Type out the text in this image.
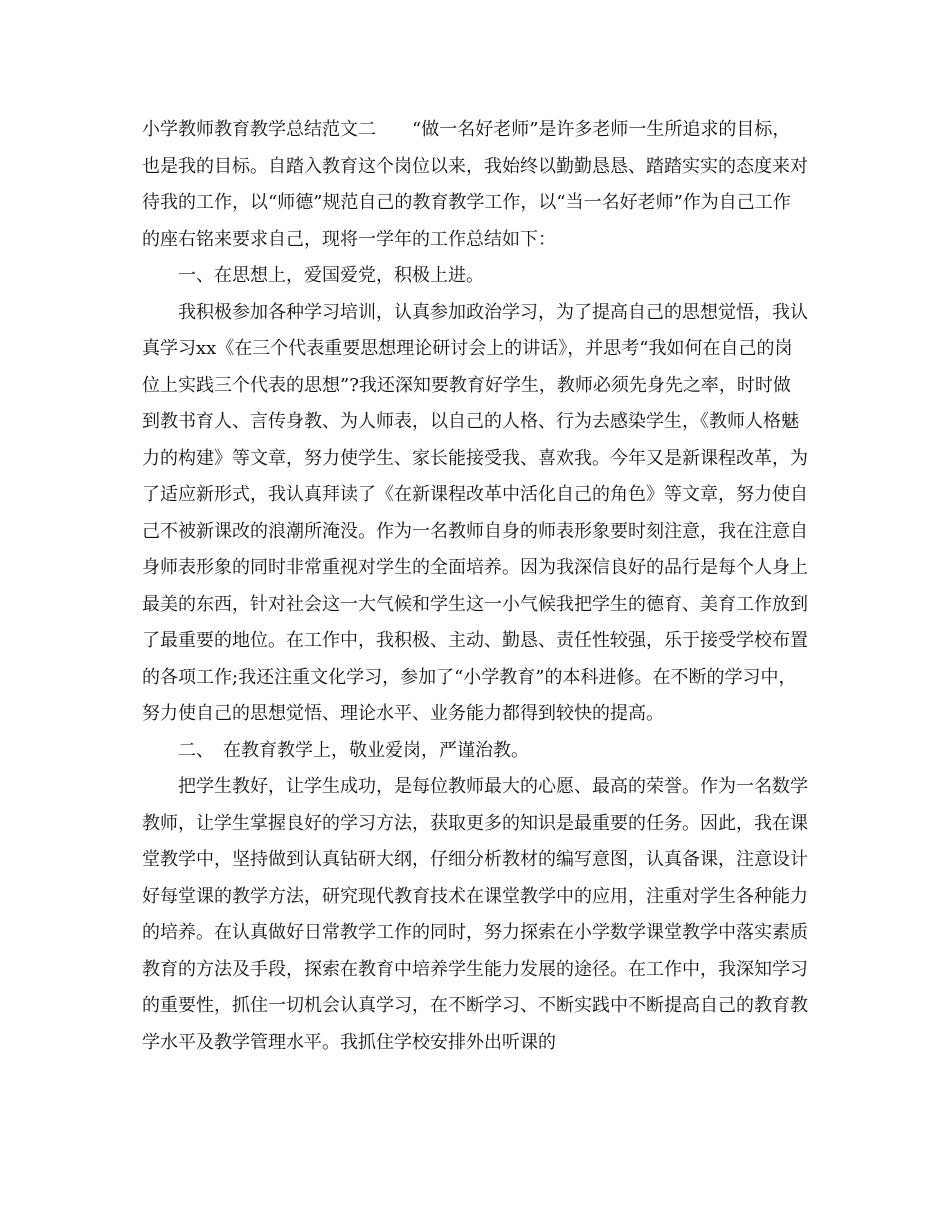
小学教师教育教学总结范文二　　“做一名好老师”是许多老师一生所追求的目标，也是我的目标。自踏入教育这个岗位以来，我始终以勤勤恳恳、踏踏实实的态度来对待我的工作，以“师德”规范自己的教育教学工作，以“当一名好老师”作为自己工作的座右铭来要求自己，现将一学年的工作总结如下：

一、在思想上，爱国爱党，积极上进。

我积极参加各种学习培训，认真参加政治学习，为了提高自己的思想觉悟，我认真学习xx《在三个代表重要思想理论研讨会上的讲话》，并思考“我如何在自己的岗位上实践三个代表的思想”?我还深知要教育好学生，教师必须先身先之率，时时做到教书育人、言传身教、为人师表，以自己的人格、行为去感染学生，《教师人格魅力的构建》等文章，努力使学生、家长能接受我、喜欢我。今年又是新课程改革，为了适应新形式，我认真拜读了《在新课程改革中活化自己的角色》等文章，努力使自己不被新课改的浪潮所淹没。作为一名教师自身的师表形象要时刻注意，我在注意自身师表形象的同时非常重视对学生的全面培养。因为我深信良好的品行是每个人身上最美的东西，针对社会这一大气候和学生这一小气候我把学生的德育、美育工作放到了最重要的地位。在工作中，我积极、主动、勤恳、责任性较强，乐于接受学校布置的各项工作;我还注重文化学习，参加了“小学教育”的本科进修。在不断的学习中，努力使自己的思想觉悟、理论水平、业务能力都得到较快的提高。

二、　在教育教学上，敬业爱岗，严谨治教。

把学生教好，让学生成功，是每位教师最大的心愿、最高的荣誉。作为一名数学教师，让学生掌握良好的学习方法，获取更多的知识是最重要的任务。因此，我在课堂教学中，坚持做到认真钻研大纲，仔细分析教材的编写意图，认真备课，注意设计好每堂课的教学方法，研究现代教育技术在课堂教学中的应用，注重对学生各种能力的培养。在认真做好日常教学工作的同时，努力探索在小学数学课堂教学中落实素质教育的方法及手段，探索在教育中培养学生能力发展的途径。在工作中，我深知学习的重要性，抓住一切机会认真学习，在不断学习、不断实践中不断提高自己的教育教学水平及教学管理水平。我抓住学校安排外出听课的
